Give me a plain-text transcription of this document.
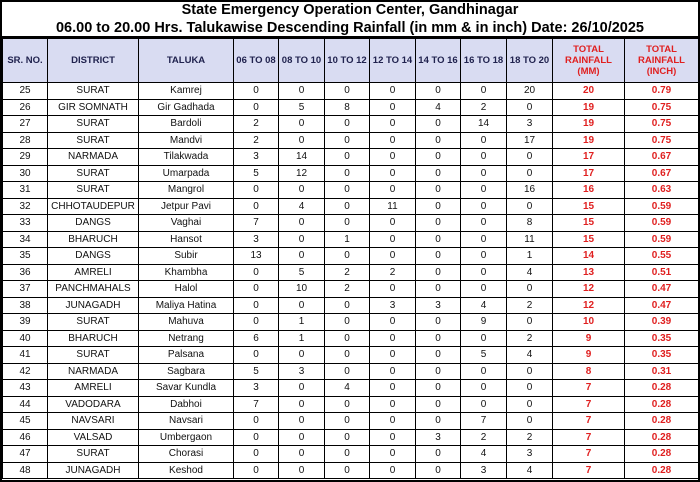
State Emergency Operation Center, Gandhinagar
06.00 to 20.00 Hrs. Talukawise Descending Rainfall (in mm & in inch) Date: 26/10/2025
SR. NO.	DISTRICT	TALUKA	06 TO 08	08 TO 10	10 TO 12	12 TO 14	14 TO 16	16 TO 18	18 TO 20	TOTAL RAINFALL (MM)	TOTAL RAINFALL (INCH)
25	SURAT	Kamrej	0	0	0	0	0	0	20	20	0.79
26	GIR SOMNATH	Gir Gadhada	0	5	8	0	4	2	0	19	0.75
27	SURAT	Bardoli	2	0	0	0	0	14	3	19	0.75
28	SURAT	Mandvi	2	0	0	0	0	0	17	19	0.75
29	NARMADA	Tilakwada	3	14	0	0	0	0	0	17	0.67
30	SURAT	Umarpada	5	12	0	0	0	0	0	17	0.67
31	SURAT	Mangrol	0	0	0	0	0	0	16	16	0.63
32	CHHOTAUDEPUR	Jetpur Pavi	0	4	0	11	0	0	0	15	0.59
33	DANGS	Vaghai	7	0	0	0	0	0	8	15	0.59
34	BHARUCH	Hansot	3	0	1	0	0	0	11	15	0.59
35	DANGS	Subir	13	0	0	0	0	0	1	14	0.55
36	AMRELI	Khambha	0	5	2	2	0	0	4	13	0.51
37	PANCHMAHALS	Halol	0	10	2	0	0	0	0	12	0.47
38	JUNAGADH	Maliya Hatina	0	0	0	3	3	4	2	12	0.47
39	SURAT	Mahuva	0	1	0	0	0	9	0	10	0.39
40	BHARUCH	Netrang	6	1	0	0	0	0	2	9	0.35
41	SURAT	Palsana	0	0	0	0	0	5	4	9	0.35
42	NARMADA	Sagbara	5	3	0	0	0	0	0	8	0.31
43	AMRELI	Savar Kundla	3	0	4	0	0	0	0	7	0.28
44	VADODARA	Dabhoi	7	0	0	0	0	0	0	7	0.28
45	NAVSARI	Navsari	0	0	0	0	0	7	0	7	0.28
46	VALSAD	Umbergaon	0	0	0	0	3	2	2	7	0.28
47	SURAT	Chorasi	0	0	0	0	0	4	3	7	0.28
48	JUNAGADH	Keshod	0	0	0	0	0	3	4	7	0.28
